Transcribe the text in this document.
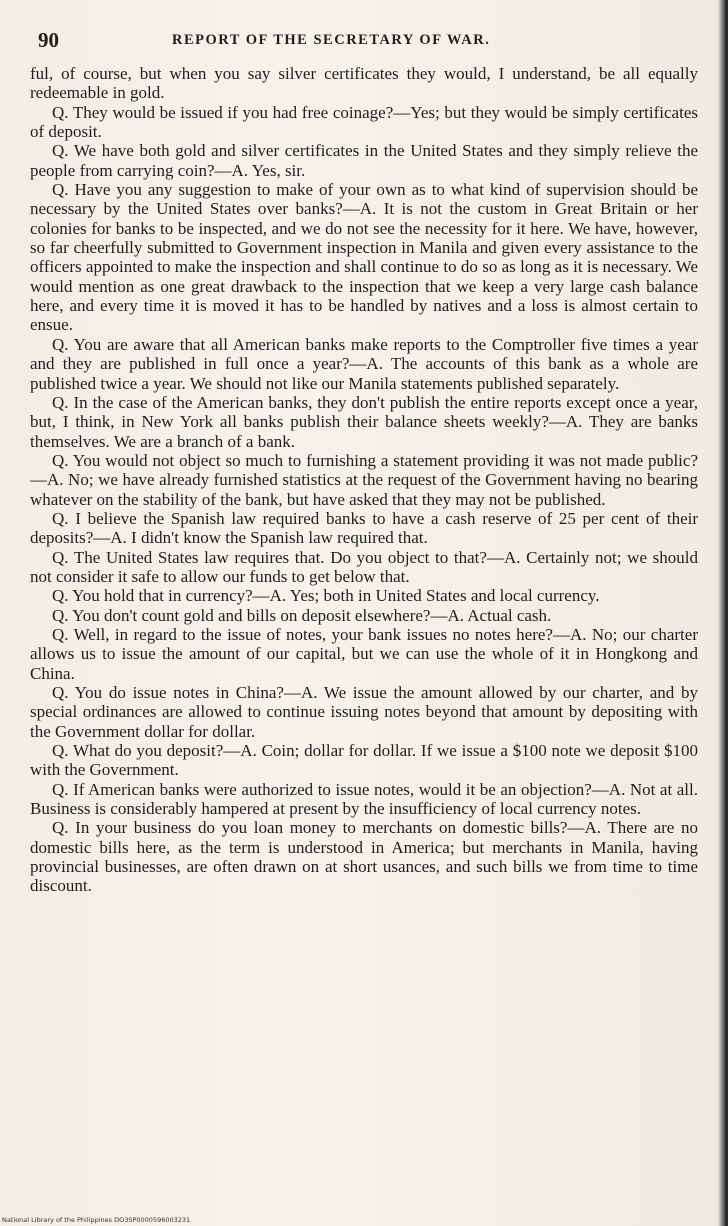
90	REPORT OF THE SECRETARY OF WAR.

ful, of course, but when you say silver certificates they would, I understand, be all equally redeemable in gold.

Q. They would be issued if you had free coinage?—Yes; but they would be simply certificates of deposit.

Q. We have both gold and silver certificates in the United States and they simply relieve the people from carrying coin?—A. Yes, sir.

Q. Have you any suggestion to make of your own as to what kind of supervision should be necessary by the United States over banks?—A. It is not the custom in Great Britain or her colonies for banks to be inspected, and we do not see the necessity for it here. We have, however, so far cheerfully submitted to Government inspection in Manila and given every assistance to the officers appointed to make the inspection and shall continue to do so as long as it is necessary. We would mention as one great drawback to the inspection that we keep a very large cash balance here, and every time it is moved it has to be handled by natives and a loss is almost certain to ensue.

Q. You are aware that all American banks make reports to the Comptroller five times a year and they are published in full once a year?—A. The accounts of this bank as a whole are published twice a year. We should not like our Manila statements published separately.

Q. In the case of the American banks, they don't publish the entire reports except once a year, but, I think, in New York all banks publish their balance sheets weekly?—A. They are banks themselves. We are a branch of a bank.

Q. You would not object so much to furnishing a statement providing it was not made public?—A. No; we have already furnished statistics at the request of the Government having no bearing whatever on the stability of the bank, but have asked that they may not be published.

Q. I believe the Spanish law required banks to have a cash reserve of 25 per cent of their deposits?—A. I didn't know the Spanish law required that.

Q. The United States law requires that. Do you object to that?—A. Certainly not; we should not consider it safe to allow our funds to get below that.

Q. You hold that in currency?—A. Yes; both in United States and local currency.

Q. You don't count gold and bills on deposit elsewhere?—A. Actual cash.

Q. Well, in regard to the issue of notes, your bank issues no notes here?—A. No; our charter allows us to issue the amount of our capital, but we can use the whole of it in Hongkong and China.

Q. You do issue notes in China?—A. We issue the amount allowed by our charter, and by special ordinances are allowed to continue issuing notes beyond that amount by depositing with the Government dollar for dollar.

Q. What do you deposit?—A. Coin; dollar for dollar. If we issue a $100 note we deposit $100 with the Government.

Q. If American banks were authorized to issue notes, would it be an objection?—A. Not at all. Business is considerably hampered at present by the insufficiency of local currency notes.

Q. In your business do you loan money to merchants on domestic bills?—A. There are no domestic bills here, as the term is understood in America; but merchants in Manila, having provincial businesses, are often drawn on at short usances, and such bills we from time to time discount.

National Library of the Philippines DO3SP0000596003231
